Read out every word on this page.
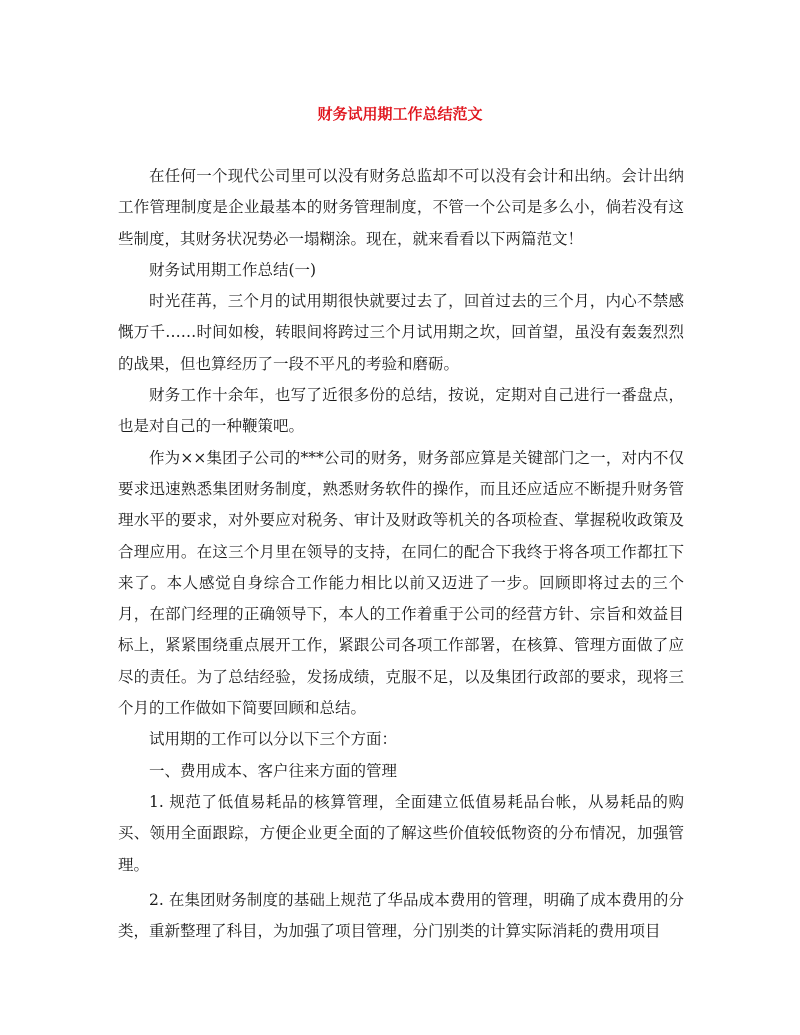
财务试用期工作总结范文

在任何一个现代公司里可以没有财务总监却不可以没有会计和出纳。会计出纳工作管理制度是企业最基本的财务管理制度，不管一个公司是多么小，倘若没有这些制度，其财务状况势必一塌糊涂。现在，就来看看以下两篇范文！

财务试用期工作总结(一)

时光荏苒，三个月的试用期很快就要过去了，回首过去的三个月，内心不禁感慨万千……时间如梭，转眼间将跨过三个月试用期之坎，回首望，虽没有轰轰烈烈的战果，但也算经历了一段不平凡的考验和磨砺。

财务工作十余年，也写了近很多份的总结，按说，定期对自己进行一番盘点，也是对自己的一种鞭策吧。

作为××集团子公司的***公司的财务，财务部应算是关键部门之一，对内不仅要求迅速熟悉集团财务制度，熟悉财务软件的操作，而且还应适应不断提升财务管理水平的要求，对外要应对税务、审计及财政等机关的各项检查、掌握税收政策及合理应用。在这三个月里在领导的支持，在同仁的配合下我终于将各项工作都扛下来了。本人感觉自身综合工作能力相比以前又迈进了一步。回顾即将过去的三个月，在部门经理的正确领导下，本人的工作着重于公司的经营方针、宗旨和效益目标上，紧紧围绕重点展开工作，紧跟公司各项工作部署，在核算、管理方面做了应尽的责任。为了总结经验，发扬成绩，克服不足，以及集团行政部的要求，现将三个月的工作做如下简要回顾和总结。

试用期的工作可以分以下三个方面：

一、费用成本、客户往来方面的管理

1. 规范了低值易耗品的核算管理，全面建立低值易耗品台帐，从易耗品的购买、领用全面跟踪，方便企业更全面的了解这些价值较低物资的分布情况，加强管理。

2. 在集团财务制度的基础上规范了华品成本费用的管理，明确了成本费用的分类，重新整理了科目，为加强了项目管理，分门别类的计算实际消耗的费用项目
